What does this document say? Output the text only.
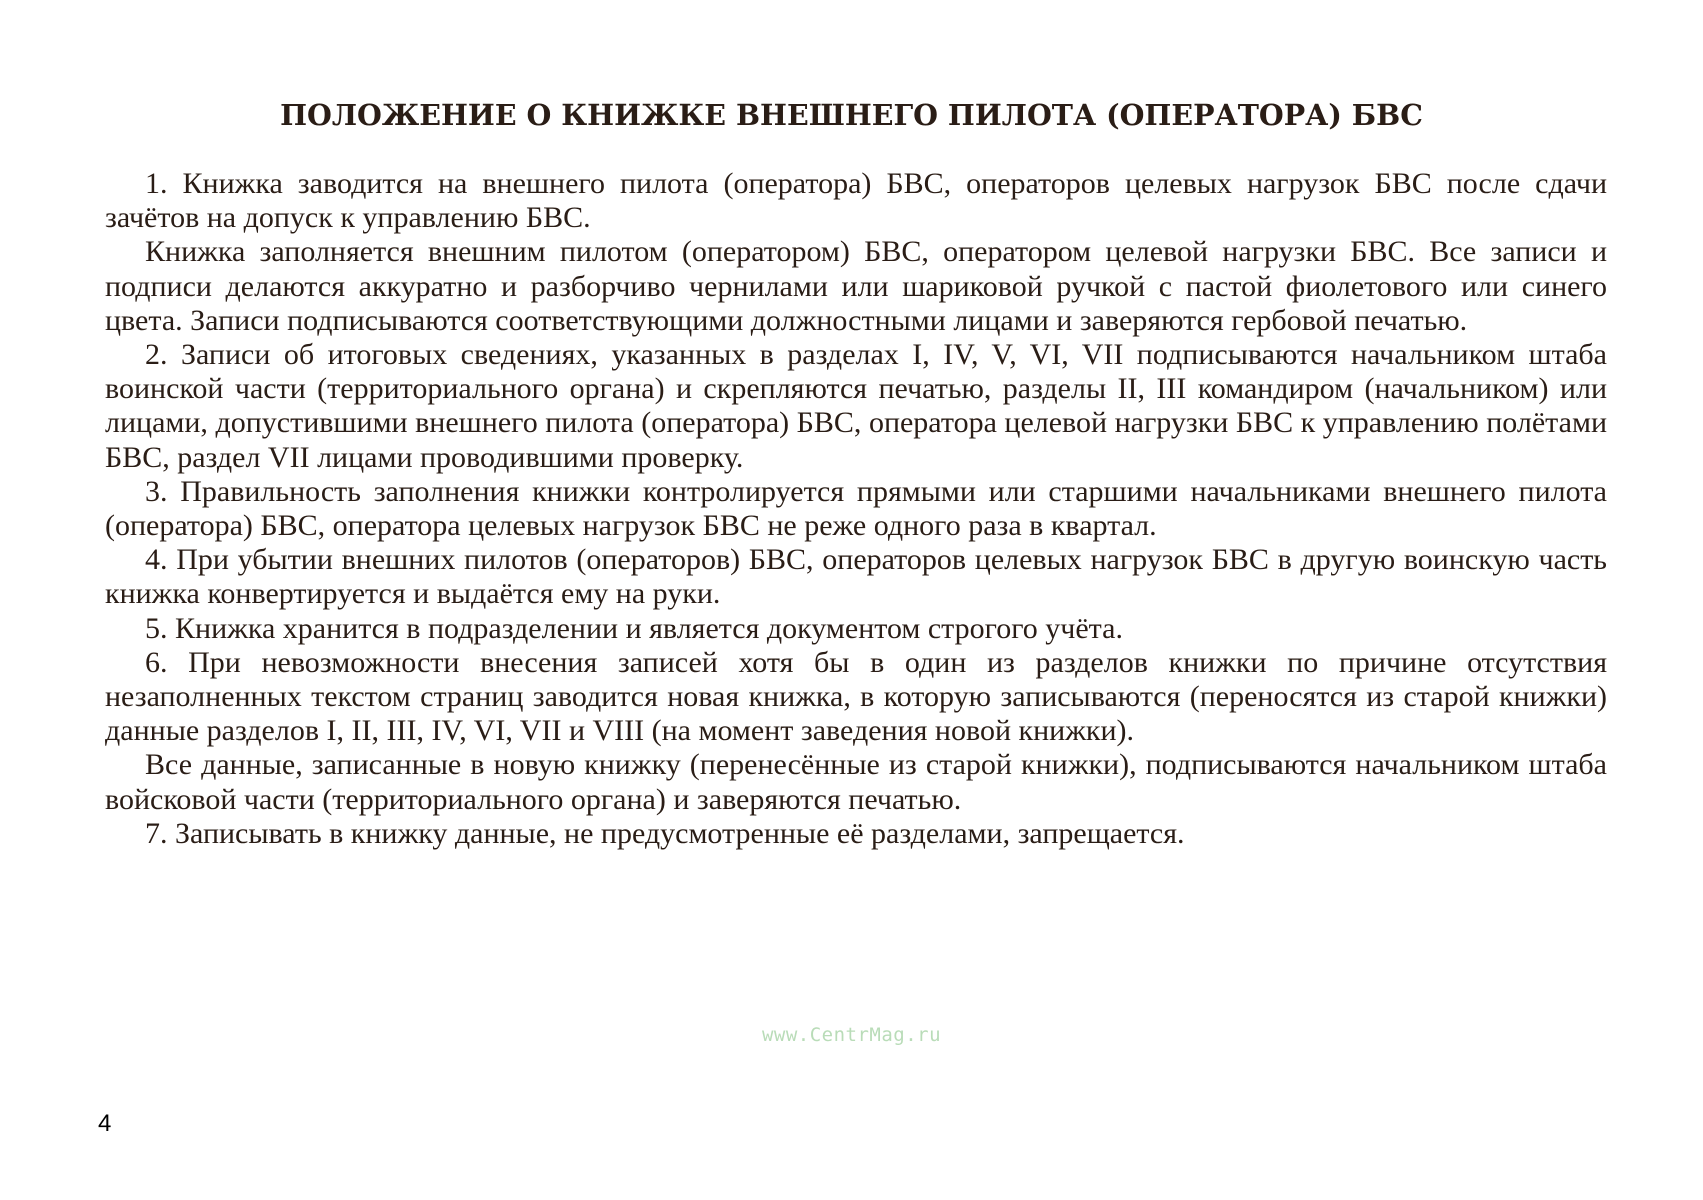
ПОЛОЖЕНИЕ О КНИЖКЕ ВНЕШНЕГО ПИЛОТА (ОПЕРАТОРА) БВС

1. Книжка заводится на внешнего пилота (оператора) БВС, операторов целевых нагрузок БВС после сдачи зачётов на допуск к управлению БВС.

Книжка заполняется внешним пилотом (оператором) БВС, оператором целевой нагрузки БВС. Все записи и подписи делаются аккуратно и разборчиво чернилами или шариковой ручкой с пастой фиолетового или синего цвета. Записи подписываются соответствующими должностными лицами и заверяются гербовой печатью.

2. Записи об итоговых сведениях, указанных в разделах I, IV, V, VI, VII подписываются начальником штаба воинской части (территориального органа) и скрепляются печатью, разделы II, III командиром (начальником) или лицами, допустившими внешнего пилота (оператора) БВС, оператора целевой нагрузки БВС к управлению полётами БВС, раздел VII лицами проводившими проверку.

3. Правильность заполнения книжки контролируется прямыми или старшими начальниками внешнего пилота (оператора) БВС, оператора целевых нагрузок БВС не реже одного раза в квартал.

4. При убытии внешних пилотов (операторов) БВС, операторов целевых нагрузок БВС в другую воинскую часть книжка конвертируется и выдаётся ему на руки.

5. Книжка хранится в подразделении и является документом строгого учёта.

6. При невозможности внесения записей хотя бы в один из разделов книжки по причине отсутствия незаполненных текстом страниц заводится новая книжка, в которую записываются (переносятся из старой книжки) данные разделов I, II, III, IV, VI, VII и VIII (на момент заведения новой книжки).

Все данные, записанные в новую книжку (перенесённые из старой книжки), подписываются начальником штаба войсковой части (территориального органа) и заверяются печатью.

7. Записывать в книжку данные, не предусмотренные её разделами, запрещается.

www.CentrMag.ru
4
